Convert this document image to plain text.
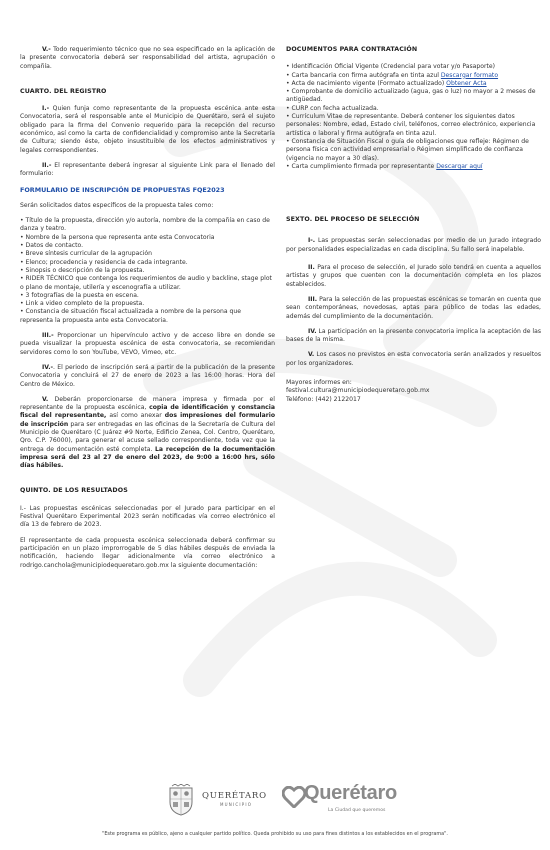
V.- Todo requerimiento técnico que no sea especificado en la aplicación de la presente convocatoria deberá ser responsabilidad del artista, agrupación o compañía.

CUARTO. DEL REGISTRO

I.- Quien funja como representante de la propuesta escénica ante esta Convocatoria, será el responsable ante el Municipio de Querétaro, será el sujeto obligado para la firma del Convenio requerido para la recepción del recurso económico, así como la carta de confidencialidad y compromiso ante la Secretaría de Cultura; siendo éste, objeto insustituible de los efectos administrativos y legales correspondientes.

II.- El representante deberá ingresar al siguiente Link para el llenado del formulario:

FORMULARIO DE INSCRIPCIÓN DE PROPUESTAS FQE2023

Serán solicitados datos específicos de la propuesta tales como:

• Título de la propuesta, dirección y/o autoría, nombre de la compañía en caso de danza y teatro.
• Nombre de la persona que representa ante esta Convocatoria
• Datos de contacto.
• Breve síntesis curricular de la agrupación
• Elenco; procedencia y residencia de cada integrante.
• Sinopsis o descripción de la propuesta.
• RIDER TÉCNICO que contenga los requerimientos de audio y backline, stage plot o plano de montaje, utilería y escenografía a utilizar.
• 3 fotografías de la puesta en escena.
• Link a video completo de la propuesta.
• Constancia de situación fiscal actualizada a nombre de la persona que representa la propuesta ante esta Convocatoria.

III.- Proporcionar un hipervínculo activo y de acceso libre en donde se pueda visualizar la propuesta escénica de esta convocatoria, se recomiendan servidores como lo son YouTube, VEVO, Vimeo, etc.

IV.-. El periodo de inscripción será a partir de la publicación de la presente Convocatoria y concluirá el 27 de enero de 2023 a las 16:00 horas. Hora del Centro de México.

V. Deberán proporcionarse de manera impresa y firmada por el representante de la propuesta escénica, copia de identificación y constancia fiscal del representante, así como anexar dos impresiones del formulario de inscripción para ser entregadas en las oficinas de la Secretaría de Cultura del Municipio de Querétaro (C Juárez #9 Norte, Edificio Zenea, Col. Centro, Querétaro, Qro. C.P. 76000), para generar el acuse sellado correspondiente, toda vez que la entrega de documentación esté completa. La recepción de la documentación impresa será del 23 al 27 de enero del 2023, de 9:00 a 16:00 hrs, sólo días hábiles.

QUINTO. DE LOS RESULTADOS

I.- Las propuestas escénicas seleccionadas por el Jurado para participar en el Festival Querétaro Experimental 2023 serán notificadas vía correo electrónico el día 13 de febrero de 2023.

El representante de cada propuesta escénica seleccionada deberá confirmar su participación en un plazo improrrogable de 5 días hábiles después de enviada la notificación, haciendo llegar adicionalmente vía correo electrónico a rodrigo.canchola@municipiodequeretaro.gob.mx la siguiente documentación:

DOCUMENTOS PARA CONTRATACIÓN
• Identificación Oficial Vigente (Credencial para votar y/o Pasaporte)
• Carta bancaria con firma autógrafa en tinta azul Descargar formato
• Acta de nacimiento vigente (Formato actualizado) Obtener Acta
• Comprobante de domicilio actualizado (agua, gas o luz) no mayor a 2 meses de antigüedad.
• CURP con fecha actualizada.
• Currículum Vitae de representante. Deberá contener los siguientes datos personales: Nombre, edad, Estado civil, teléfonos, correo electrónico, experiencia artística o laboral y firma autógrafa en tinta azul.
• Constancia de Situación Fiscal o guía de obligaciones que refleje: Régimen de persona física con actividad empresarial o Régimen simplificado de confianza (vigencia no mayor a 30 días).
• Carta cumplimiento firmada por representante Descargar aquí
SEXTO. DEL PROCESO DE SELECCIÓN

I-. Las propuestas serán seleccionadas por medio de un Jurado integrado por personalidades especializadas en cada disciplina. Su fallo será inapelable.

II. Para el proceso de selección, el Jurado solo tendrá en cuenta a aquellos artistas y grupos que cuenten con la documentación completa en los plazos establecidos.

III. Para la selección de las propuestas escénicas se tomarán en cuenta que sean contemporáneas, novedosas, aptas para público de todas las edades, además del cumplimiento de la documentación.

IV. La participación en la presente convocatoria implica la aceptación de las bases de la misma.

V. Los casos no previstos en esta convocatoria serán analizados y resueltos por los organizadores.

Mayores informes en:
festival.cultura@municipiodequeretaro.gob.mx
Teléfono: (442) 2122017
QUERÉTARO
MUNICIPIO
Querétaro
La Ciudad que queremos
"Este programa es público, ajeno a cualquier partido político. Queda prohibido su uso para fines distintos a los establecidos en el programa".
